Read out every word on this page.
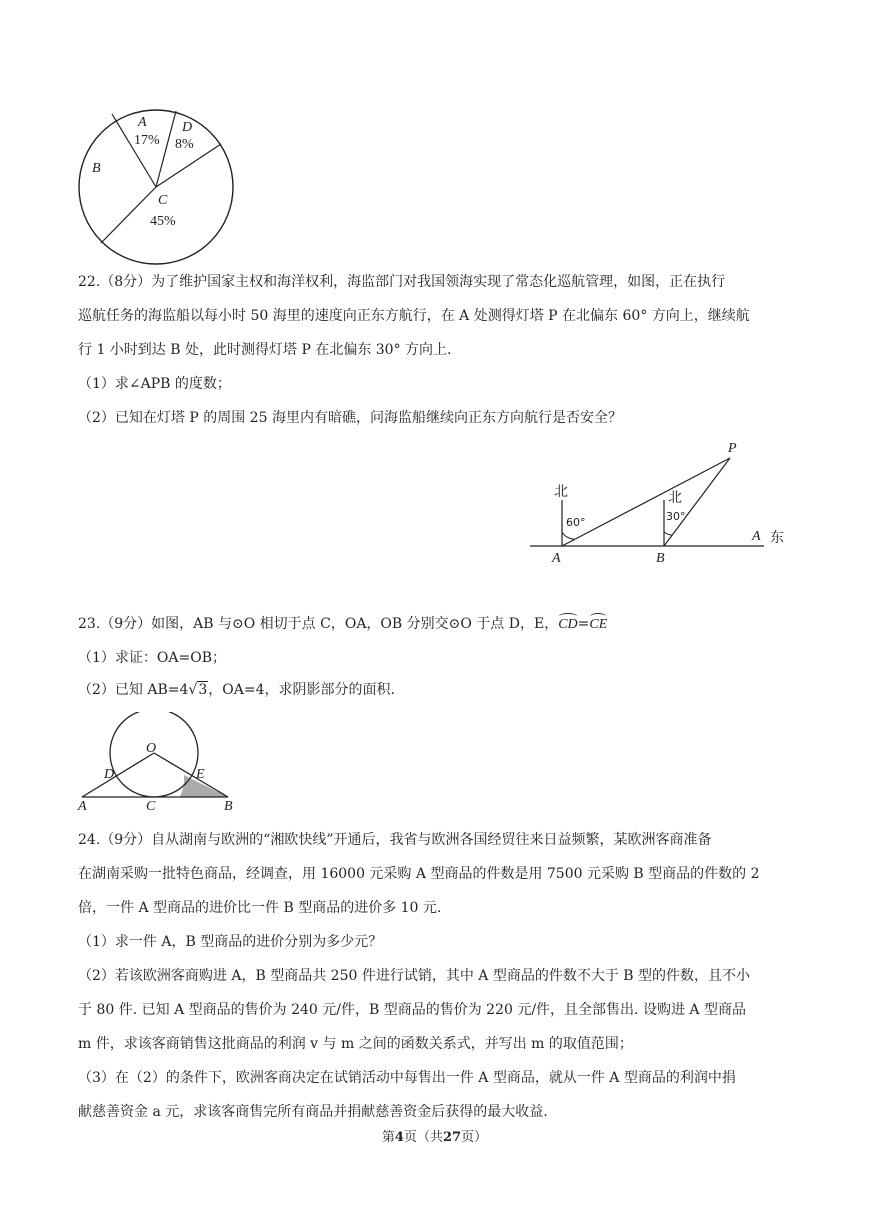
A
17%
D
8%
B
C
45%
22.（8分）为了维护国家主权和海洋权利，海监部门对我国领海实现了常态化巡航管理，如图，正在执行
巡航任务的海监船以每小时 50 海里的速度向正东方航行，在 A 处测得灯塔 P 在北偏东 60° 方向上，继续航
行 1 小时到达 B 处，此时测得灯塔 P 在北偏东 30° 方向上.
（1）求∠APB 的度数；
（2）已知在灯塔 P 的周围 25 海里内有暗礁，问海监船继续向正东方向航行是否安全？
北	北
60°	30°
P
A	B
A 东
23.（9分）如图，AB 与⊙O 相切于点 C，OA，OB 分别交⊙O 于点 D，E，CD=CE
（1）求证：OA=OB；
（2）已知 AB=4√3，OA=4，求阴影部分的面积.
O
D	E
A	C	B
24.（9分）自从湖南与欧洲的“湘欧快线”开通后，我省与欧洲各国经贸往来日益频繁，某欧洲客商准备
在湖南采购一批特色商品，经调查，用 16000 元采购 A 型商品的件数是用 7500 元采购 B 型商品的件数的 2
倍，一件 A 型商品的进价比一件 B 型商品的进价多 10 元.
（1）求一件 A，B 型商品的进价分别为多少元？
（2）若该欧洲客商购进 A，B 型商品共 250 件进行试销，其中 A 型商品的件数不大于 B 型的件数，且不小
于 80 件. 已知 A 型商品的售价为 240 元/件，B 型商品的售价为 220 元/件，且全部售出. 设购进 A 型商品
m 件，求该客商销售这批商品的利润 v 与 m 之间的函数关系式，并写出 m 的取值范围；
（3）在（2）的条件下，欧洲客商决定在试销活动中每售出一件 A 型商品，就从一件 A 型商品的利润中捐
献慈善资金 a 元，求该客商售完所有商品并捐献慈善资金后获得的最大收益.
第4页（共27页）
